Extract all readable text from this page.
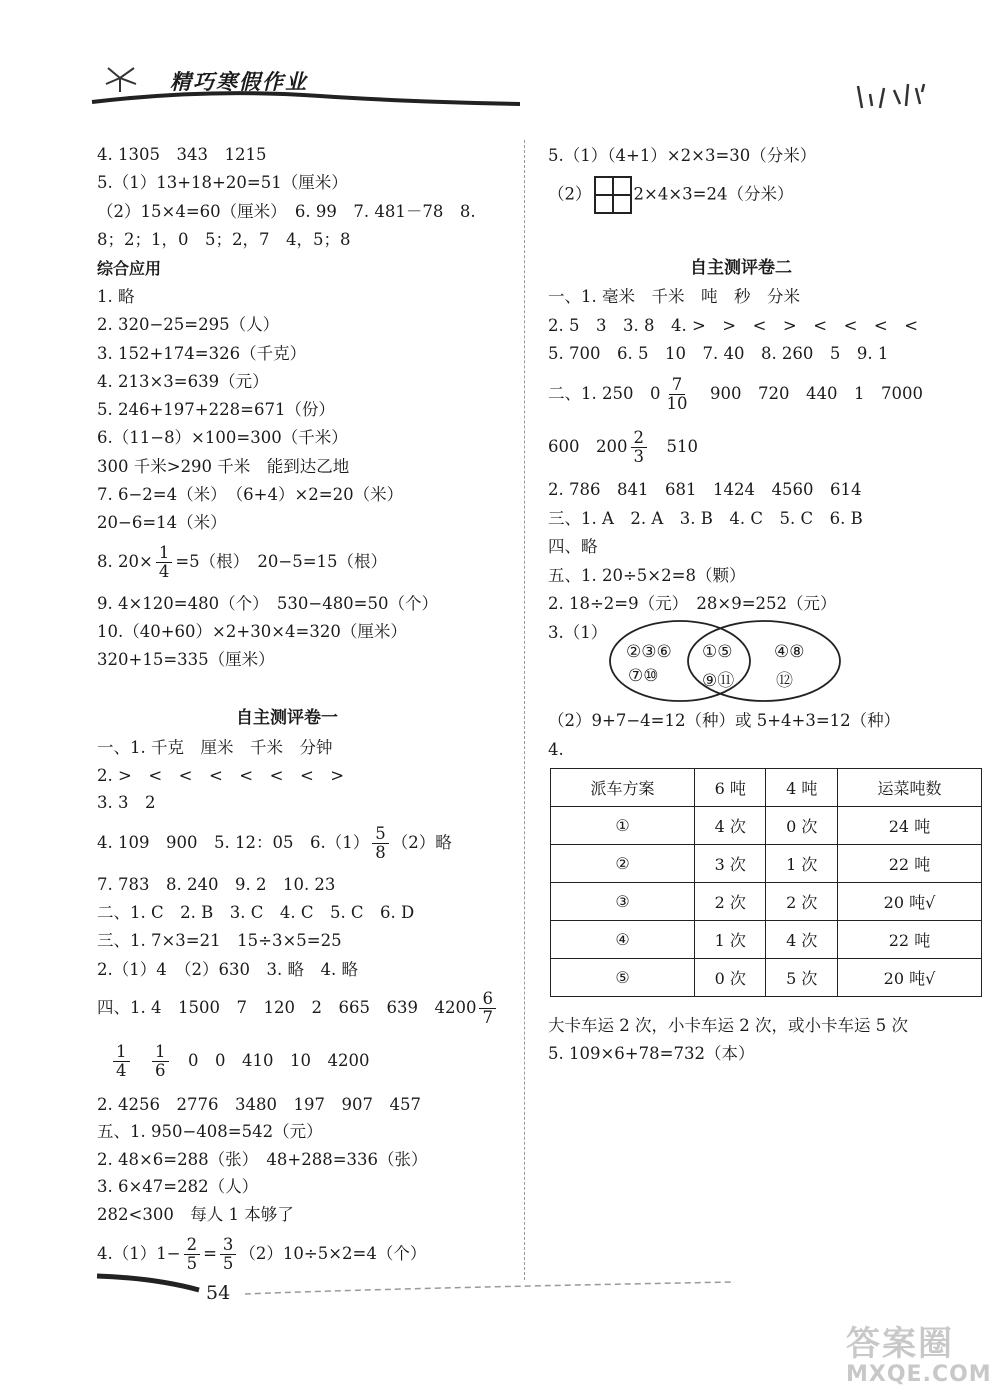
精巧寒假作业
4. 1305　343　1215
5.（1）13+18+20=51（厘米）
（2）15×4=60（厘米）　6. 99　7. 481－78　8.
8；2；1，0　5；2，7　4，5；8
综合应用
1. 略
2. 320−25=295（人）
3. 152+174=326（千克）
4. 213×3=639（元）
5. 246+197+228=671（份）
6.（11−8）×100=300（千米）
300 千米>290 千米　能到达乙地
7. 6−2=4（米）　（6+4）×2=20（米）
20−6=14（米）
8. $20\times \frac{1}{4} =5$（根）　20−5=15（根）
9. 4×120=480（个）　530−480=50（个）
10.（40+60）×2+30×4=320（厘米）
320+15=335（厘米）
自主测评卷一
一、1. 千克　厘米　千米　分钟
2. >　<　<　<　<　<　<　>
3. 3　2
4. 109　900　5. 12：05　$6.(1) \frac{5}{8} (2)$略
7. 783　8. 240　9. 2　10. 23
二、1. C　2. B　3. C　4. C　5. C　6. D
三、1. 7×3=21　15÷3×5=25
2.（1）4　（2）630　3. 略　4. 略
四、1. 4　1500　7　120　2　665　639　$4200 \frac{6}{7}$
$\frac{1}{4}$
　 $\frac{1}{6}$
　 0　0　410　10　4200
2. 4256　2776　3480　197　907　457
五、1. 950−408=542（元）
2. 48×6=288（张）　48+288=336（张）
3. 6×47=282（人）
282<300　每人 1 本够了
$4.(1)1- \frac{2}{5} = \frac{3}{5} (2)10\div 5\times 2=4$（个）
5.（1）（4+1）×2×3=30（分米）
（2）	2×4×3=24（分米）
自主测评卷二
一、1. 毫米　千米　吨　秒　分米
2. 5　3　3. 8　4. >　>　<　>　<　<　<　<
5. 700　6. 5　10　7. 40　8. 260　5　9. 1
二、1. 250　$0 \frac{7}{10}$
　 900　720　440　1　7000
600　$200 \frac{2}{3}$
　 510
2. 786　841　681　1424　4560　614
三、1. A　2. A　3. B　4. C　5. C　6. B
四、略
五、1. 20÷5×2=8（颗）
2. 18÷2=9（元）　28×9=252（元）
3.（1）
②③⑥
⑦⑩
①⑤
⑨⑪
④⑧
⑫
（2）9+7−4=12（种）或 5+4+3=12（种）
4.
派车方案	6 吨	4 吨	运菜吨数
①	4 次	0 次	24 吨
②	3 次	1 次	22 吨
③	2 次	2 次	20 吨√
④	1 次	4 次	22 吨
⑤	0 次	5 次	20 吨√
大卡车运 2 次，小卡车运 2 次，或小卡车运 5 次
5. 109×6+78=732（本）
54
答案圈
MXQE.COM
